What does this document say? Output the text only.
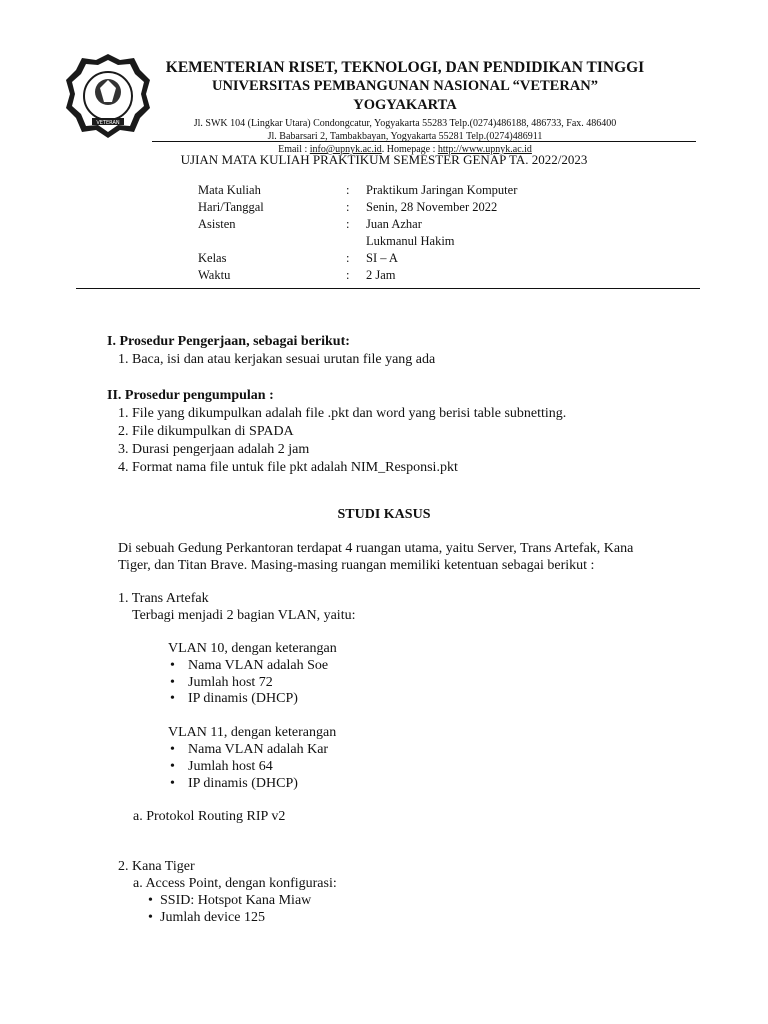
VETERAN
KEMENTERIAN RISET, TEKNOLOGI, DAN PENDIDIKAN TINGGI
UNIVERSITAS PEMBANGUNAN NASIONAL “VETERAN” YOGYAKARTA
Jl. SWK 104 (Lingkar Utara) Condongcatur, Yogyakarta 55283 Telp.(0274)486188, 486733, Fax. 486400
Jl. Babarsari 2, Tambakbayan, Yogyakarta 55281 Telp.(0274)486911
Email : info@upnyk.ac.id. Homepage : http://www.upnyk.ac.id
UJIAN MATA KULIAH PRAKTIKUM SEMESTER GENAP TA. 2022/2023
Mata Kuliah	:	Praktikum Jaringan Komputer
Hari/Tanggal	:	Senin, 28 November 2022
Asisten	:	Juan Azhar
Lukmanul Hakim
Kelas	:	SI – A
Waktu	:	2 Jam
I. Prosedur Pengerjaan, sebagai berikut:
1. Baca, isi dan atau kerjakan sesuai urutan file yang ada
II. Prosedur pengumpulan :
1. File yang dikumpulkan adalah file .pkt dan word yang berisi table subnetting.
2. File dikumpulkan di SPADA
3. Durasi pengerjaan adalah 2 jam
4. Format nama file untuk file pkt adalah NIM_Responsi.pkt
STUDI KASUS
Di sebuah Gedung Perkantoran terdapat 4 ruangan utama, yaitu Server, Trans Artefak, Kana
Tiger, dan Titan Brave. Masing-masing ruangan memiliki ketentuan sebagai berikut :
1. Trans Artefak
Terbagi menjadi 2 bagian VLAN, yaitu:
VLAN 10, dengan keterangan
• Nama VLAN adalah Soe
• Jumlah host 72
• IP dinamis (DHCP)
VLAN 11, dengan keterangan
• Nama VLAN adalah Kar
• Jumlah host 64
• IP dinamis (DHCP)
a. Protokol Routing RIP v2
2. Kana Tiger
a. Access Point, dengan konfigurasi:
• SSID: Hotspot Kana Miaw
• Jumlah device 125
